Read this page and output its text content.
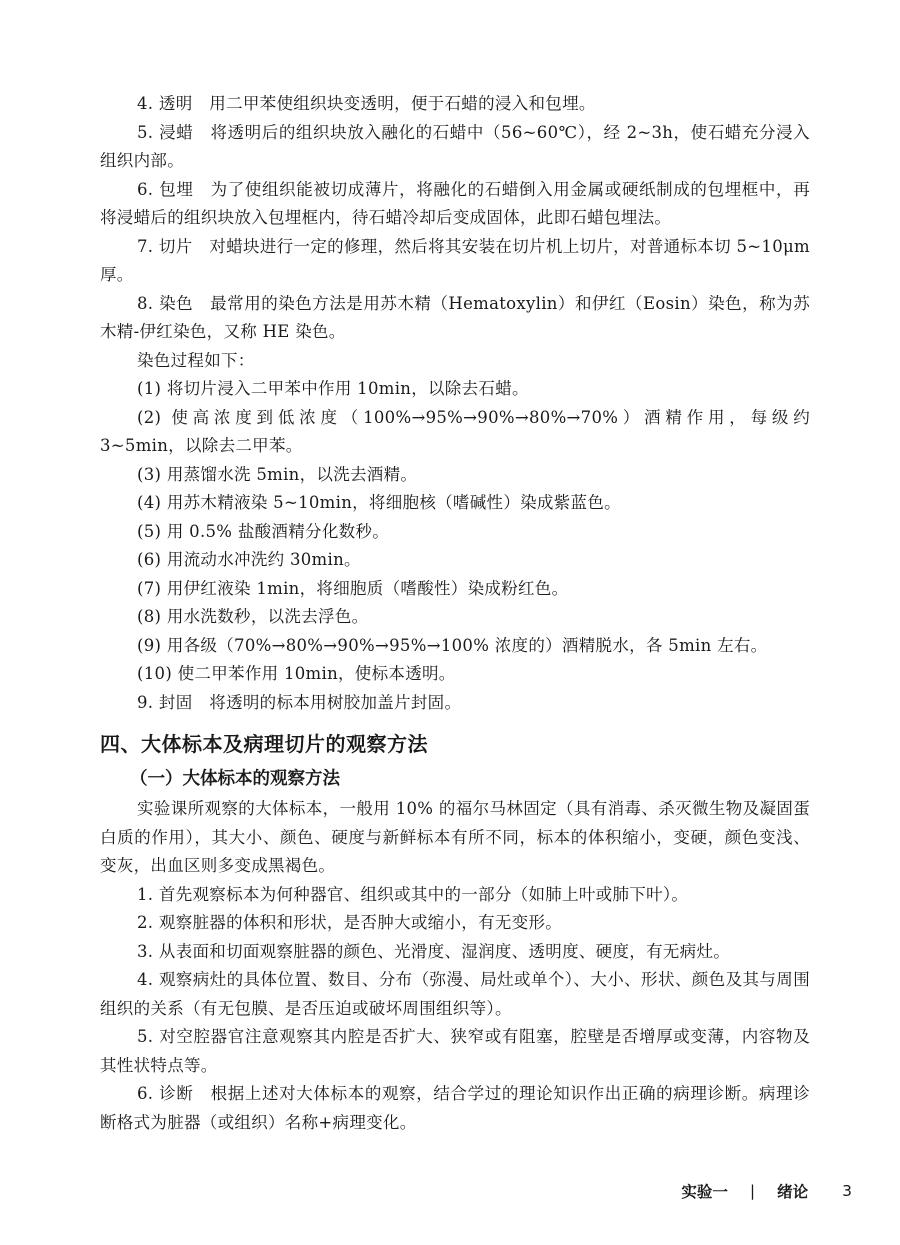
4. 透明　用二甲苯使组织块变透明，便于石蜡的浸入和包埋。

5. 浸蜡　将透明后的组织块放入融化的石蜡中（56~60℃），经 2~3h，使石蜡充分浸入组织内部。

6. 包埋　为了使组织能被切成薄片，将融化的石蜡倒入用金属或硬纸制成的包埋框中，再将浸蜡后的组织块放入包埋框内，待石蜡冷却后变成固体，此即石蜡包埋法。

7. 切片　对蜡块进行一定的修理，然后将其安装在切片机上切片，对普通标本切 5~10μm 厚。

8. 染色　最常用的染色方法是用苏木精（Hematoxylin）和伊红（Eosin）染色，称为苏木精-伊红染色，又称 HE 染色。

染色过程如下：

(1) 将切片浸入二甲苯中作用 10min，以除去石蜡。

(2) 使高浓度到低浓度（100%→95%→90%→80%→70%）酒精作用，每级约 3~5min，以除去二甲苯。

(3) 用蒸馏水洗 5min，以洗去酒精。

(4) 用苏木精液染 5~10min，将细胞核（嗜碱性）染成紫蓝色。

(5) 用 0.5% 盐酸酒精分化数秒。

(6) 用流动水冲洗约 30min。

(7) 用伊红液染 1min，将细胞质（嗜酸性）染成粉红色。

(8) 用水洗数秒，以洗去浮色。

(9) 用各级（70%→80%→90%→95%→100% 浓度的）酒精脱水，各 5min 左右。

(10) 使二甲苯作用 10min，使标本透明。

9. 封固　将透明的标本用树胶加盖片封固。

四、大体标本及病理切片的观察方法
（一）大体标本的观察方法

实验课所观察的大体标本，一般用 10% 的福尔马林固定（具有消毒、杀灭微生物及凝固蛋白质的作用），其大小、颜色、硬度与新鲜标本有所不同，标本的体积缩小，变硬，颜色变浅、变灰，出血区则多变成黑褐色。

1. 首先观察标本为何种器官、组织或其中的一部分（如肺上叶或肺下叶）。

2. 观察脏器的体积和形状，是否肿大或缩小，有无变形。

3. 从表面和切面观察脏器的颜色、光滑度、湿润度、透明度、硬度，有无病灶。

4. 观察病灶的具体位置、数目、分布（弥漫、局灶或单个）、大小、形状、颜色及其与周围组织的关系（有无包膜、是否压迫或破坏周围组织等）。

5. 对空腔器官注意观察其内腔是否扩大、狭窄或有阻塞，腔壁是否增厚或变薄，内容物及其性状特点等。

6. 诊断　根据上述对大体标本的观察，结合学过的理论知识作出正确的病理诊断。病理诊断格式为脏器（或组织）名称+病理变化。

实验一 | 绪论 3
